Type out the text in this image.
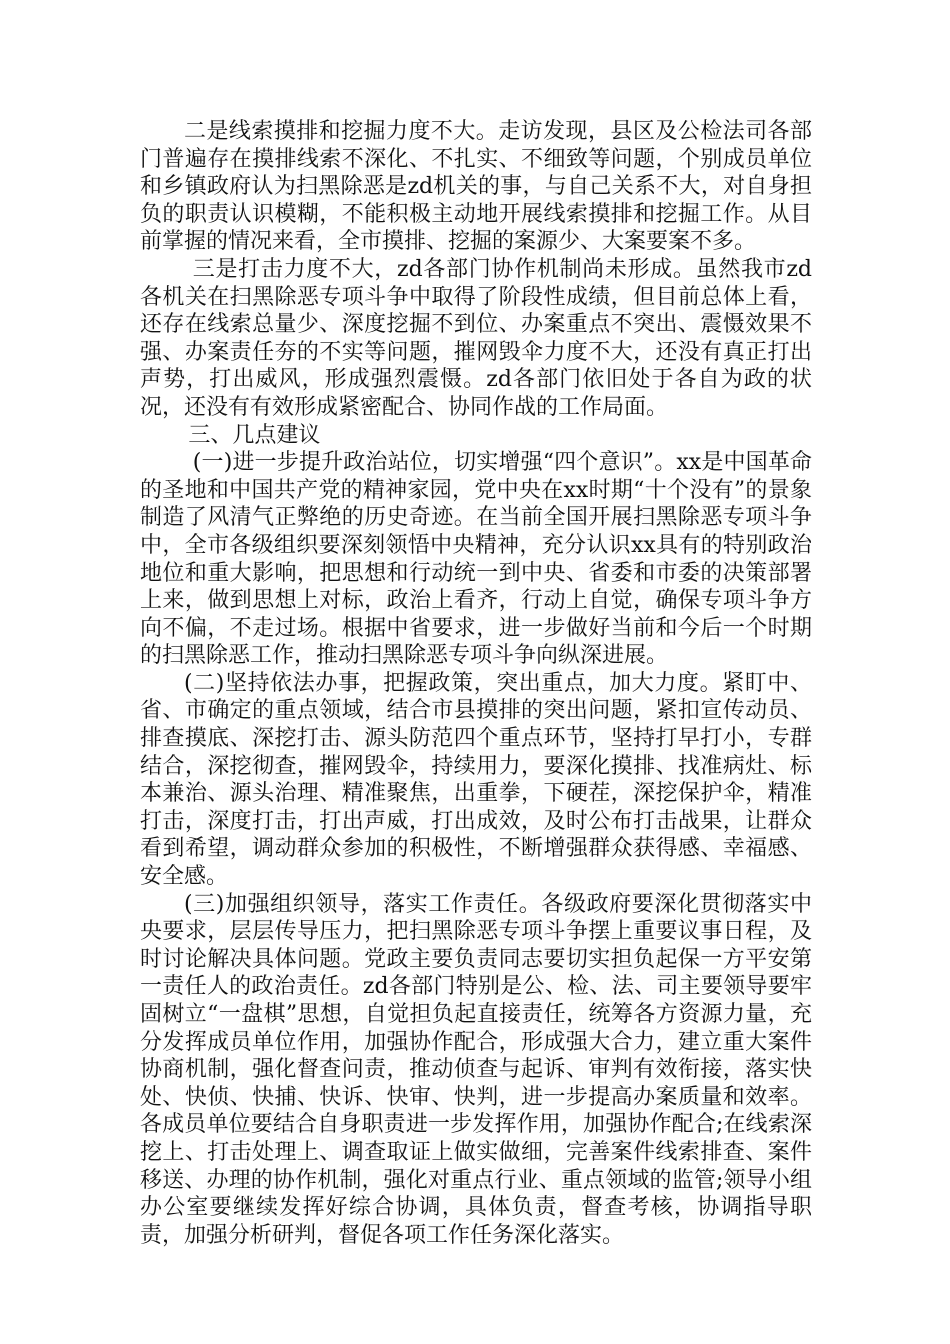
二是线索摸排和挖掘力度不大。走访发现，县区及公检法司各部门普遍存在摸排线索不深化、不扎实、不细致等问题，个别成员单位和乡镇政府认为扫黑除恶是zd机关的事，与自己关系不大，对自身担负的职责认识模糊，不能积极主动地开展线索摸排和挖掘工作。从目前掌握的情况来看，全市摸排、挖掘的案源少、大案要案不多。

三是打击力度不大，zd各部门协作机制尚未形成。虽然我市zd各机关在扫黑除恶专项斗争中取得了阶段性成绩，但目前总体上看，还存在线索总量少、深度挖掘不到位、办案重点不突出、震慑效果不强、办案责任夯的不实等问题，摧网毁伞力度不大，还没有真正打出声势，打出威风，形成强烈震慑。zd各部门依旧处于各自为政的状况，还没有有效形成紧密配合、协同作战的工作局面。

三、几点建议

(一)进一步提升政治站位，切实增强“四个意识”。xx是中国革命的圣地和中国共产党的精神家园，党中央在xx时期“十个没有”的景象制造了风清气正弊绝的历史奇迹。在当前全国开展扫黑除恶专项斗争中，全市各级组织要深刻领悟中央精神，充分认识xx具有的特别政治地位和重大影响，把思想和行动统一到中央、省委和市委的决策部署上来，做到思想上对标，政治上看齐，行动上自觉，确保专项斗争方向不偏，不走过场。根据中省要求，进一步做好当前和今后一个时期的扫黑除恶工作，推动扫黑除恶专项斗争向纵深进展。

(二)坚持依法办事，把握政策，突出重点，加大力度。紧盯中、省、市确定的重点领域，结合市县摸排的突出问题，紧扣宣传动员、排查摸底、深挖打击、源头防范四个重点环节，坚持打早打小，专群结合，深挖彻查，摧网毁伞，持续用力，要深化摸排、找准病灶、标本兼治、源头治理、精准聚焦，出重拳，下硬茬，深挖保护伞，精准打击，深度打击，打出声威，打出成效，及时公布打击战果，让群众看到希望，调动群众参加的积极性，不断增强群众获得感、幸福感、安全感。

(三)加强组织领导，落实工作责任。各级政府要深化贯彻落实中央要求，层层传导压力，把扫黑除恶专项斗争摆上重要议事日程，及时讨论解决具体问题。党政主要负责同志要切实担负起保一方平安第一责任人的政治责任。zd各部门特别是公、检、法、司主要领导要牢固树立“一盘棋”思想，自觉担负起直接责任，统筹各方资源力量，充分发挥成员单位作用，加强协作配合，形成强大合力，建立重大案件协商机制，强化督查问责，推动侦查与起诉、审判有效衔接，落实快处、快侦、快捕、快诉、快审、快判，进一步提高办案质量和效率。各成员单位要结合自身职责进一步发挥作用，加强协作配合;在线索深挖上、打击处理上、调查取证上做实做细，完善案件线索排查、案件移送、办理的协作机制，强化对重点行业、重点领域的监管;领导小组办公室要继续发挥好综合协调，具体负责，督查考核，协调指导职责，加强分析研判，督促各项工作任务深化落实。
